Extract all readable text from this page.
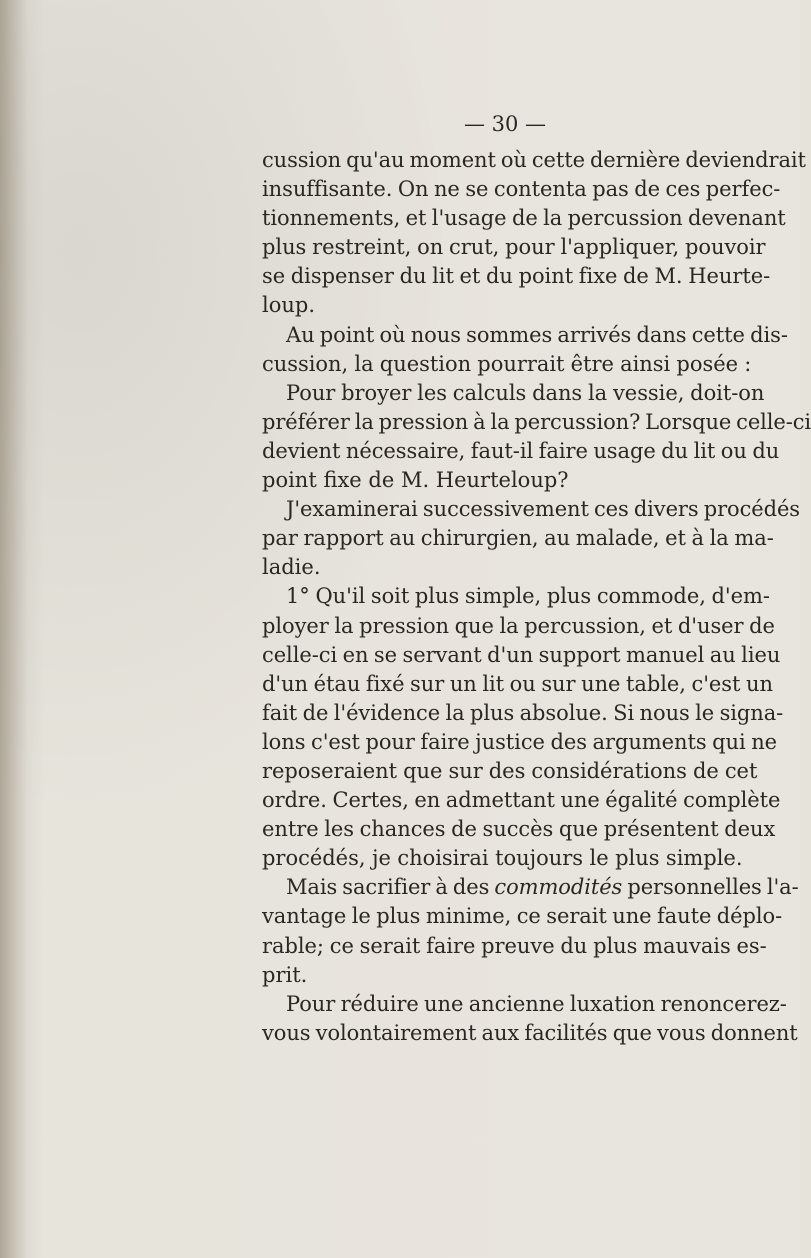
— 30 —
cussion qu'au moment où cette dernière deviendrait
insuffisante. On ne se contenta pas de ces perfec-
tionnements, et l'usage de la percussion devenant
plus restreint, on crut, pour l'appliquer, pouvoir
se dispenser du lit et du point fixe de M. Heurte-
loup.
Au point où nous sommes arrivés dans cette dis-
cussion, la question pourrait être ainsi posée :
Pour broyer les calculs dans la vessie, doit-on
préférer la pression à la percussion? Lorsque celle-ci
devient nécessaire, faut-il faire usage du lit ou du
point fixe de M. Heurteloup?
J'examinerai successivement ces divers procédés
par rapport au chirurgien, au malade, et à la ma-
ladie.
1° Qu'il soit plus simple, plus commode, d'em-
ployer la pression que la percussion, et d'user de
celle-ci en se servant d'un support manuel au lieu
d'un étau fixé sur un lit ou sur une table, c'est un
fait de l'évidence la plus absolue. Si nous le signa-
lons c'est pour faire justice des arguments qui ne
reposeraient que sur des considérations de cet
ordre. Certes, en admettant une égalité complète
entre les chances de succès que présentent deux
procédés, je choisirai toujours le plus simple.
Mais sacrifier à des commodités personnelles l'a-
vantage le plus minime, ce serait une faute déplo-
rable; ce serait faire preuve du plus mauvais es-
prit.
Pour réduire une ancienne luxation renoncerez-
vous volontairement aux facilités que vous donnent
